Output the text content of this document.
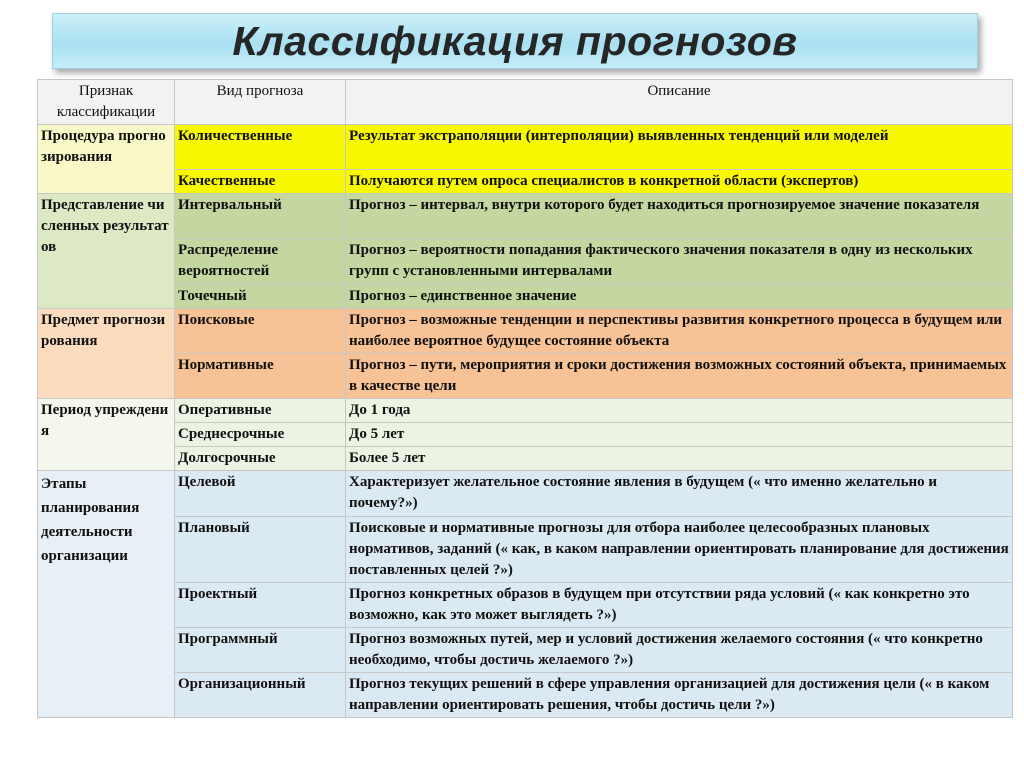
Классификация прогнозов
Признак классификации	Вид прогноза	Описание
Процедура прогнозирования	Количественные	Результат экстраполяции (интерполяции) выявленных тенденций или моделей
	Качественные	Получаются путем опроса специалистов в конкретной области (экспертов)
Представление численных результатов	Интервальный	Прогноз – интервал, внутри которого будет находиться прогнозируемое значение показателя
	Распределение вероятностей	Прогноз – вероятности попадания фактического значения показателя в одну из нескольких групп с установленными интервалами
	Точечный	Прогноз – единственное значение
Предмет прогнозирования	Поисковые	Прогноз – возможные тенденции и перспективы развития конкретного процесса в будущем или наиболее вероятное будущее состояние объекта
	Нормативные	Прогноз – пути, мероприятия и сроки достижения возможных состояний объекта, принимаемых в качестве цели
Период упреждения	Оперативные	До 1 года
	Среднесрочные	До 5 лет
	Долгосрочные	Более 5 лет
Этапы планирования деятельности организации	Целевой	Характеризует желательное состояние явления в будущем (« что именно желательно и почему?»)
	Плановый	Поисковые и нормативные прогнозы для отбора наиболее целесообразных плановых нормативов, заданий (« как, в каком направлении ориентировать планирование для достижения поставленных целей ?»)
	Проектный	Прогноз конкретных образов в будущем при отсутствии ряда условий (« как конкретно это возможно, как это может выглядеть ?»)
	Программный	Прогноз возможных путей, мер и условий достижения желаемого состояния (« что конкретно необходимо, чтобы достичь желаемого ?»)
	Организационный	Прогноз текущих решений в сфере управления организацией для достижения цели (« в каком направлении ориентировать решения, чтобы достичь цели ?»)
